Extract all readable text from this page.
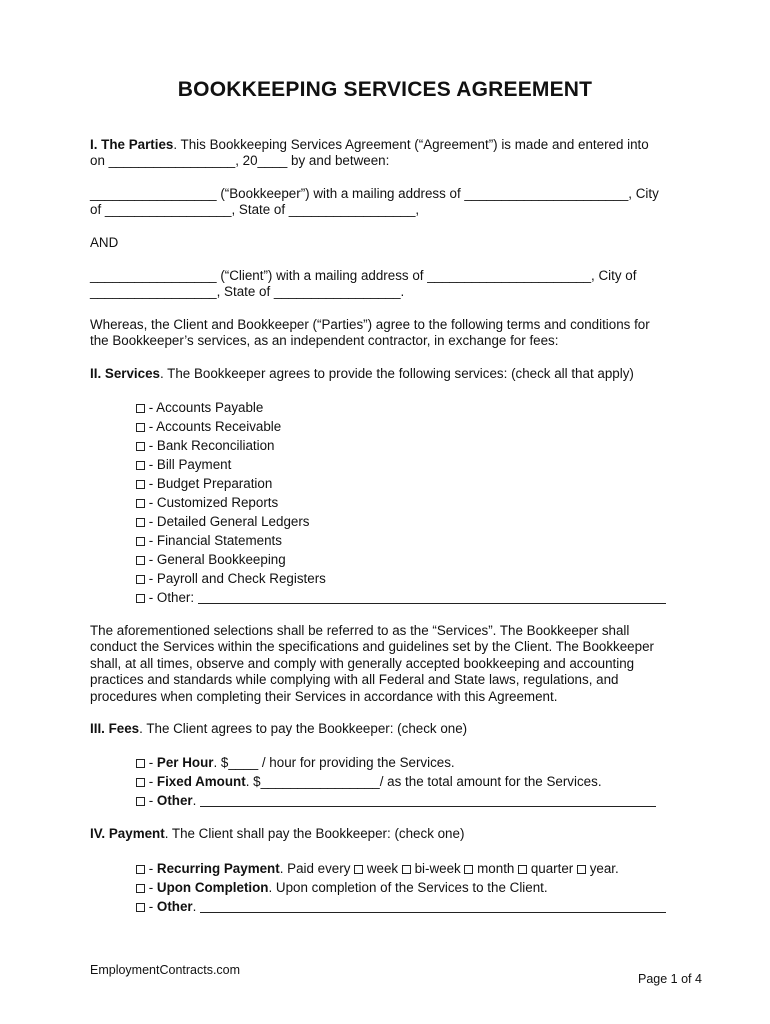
BOOKKEEPING SERVICES AGREEMENT
I. The Parties. This Bookkeeping Services Agreement (“Agreement”) is made and entered into
on _________________, 20____ by and between:
_________________ (“Bookkeeper”) with a mailing address of ______________________, City
of _________________, State of _________________,
AND
_________________ (“Client”) with a mailing address of ______________________, City of
_________________, State of _________________.
Whereas, the Client and Bookkeeper (“Parties”) agree to the following terms and conditions for
the Bookkeeper’s services, as an independent contractor, in exchange for fees:
II. Services. The Bookkeeper agrees to provide the following services: (check all that apply)
- Accounts Payable
- Accounts Receivable
- Bank Reconciliation
- Bill Payment
- Budget Preparation
- Customized Reports
- Detailed General Ledgers
- Financial Statements
- General Bookkeeping
- Payroll and Check Registers
- Other:
The aforementioned selections shall be referred to as the “Services”. The Bookkeeper shall
conduct the Services within the specifications and guidelines set by the Client. The Bookkeeper
shall, at all times, observe and comply with generally accepted bookkeeping and accounting
practices and standards while complying with all Federal and State laws, regulations, and
procedures when completing their Services in accordance with this Agreement.
III. Fees. The Client agrees to pay the Bookkeeper: (check one)
- Per Hour. $____ / hour for providing the Services.
- Fixed Amount. $________________/ as the total amount for the Services.
- Other.
IV. Payment. The Client shall pay the Bookkeeper: (check one)
- Recurring Payment. Paid every  week  bi-week  month  quarter  year.
- Upon Completion. Upon completion of the Services to the Client.
- Other.
EmploymentContracts.com
Page 1 of 4
